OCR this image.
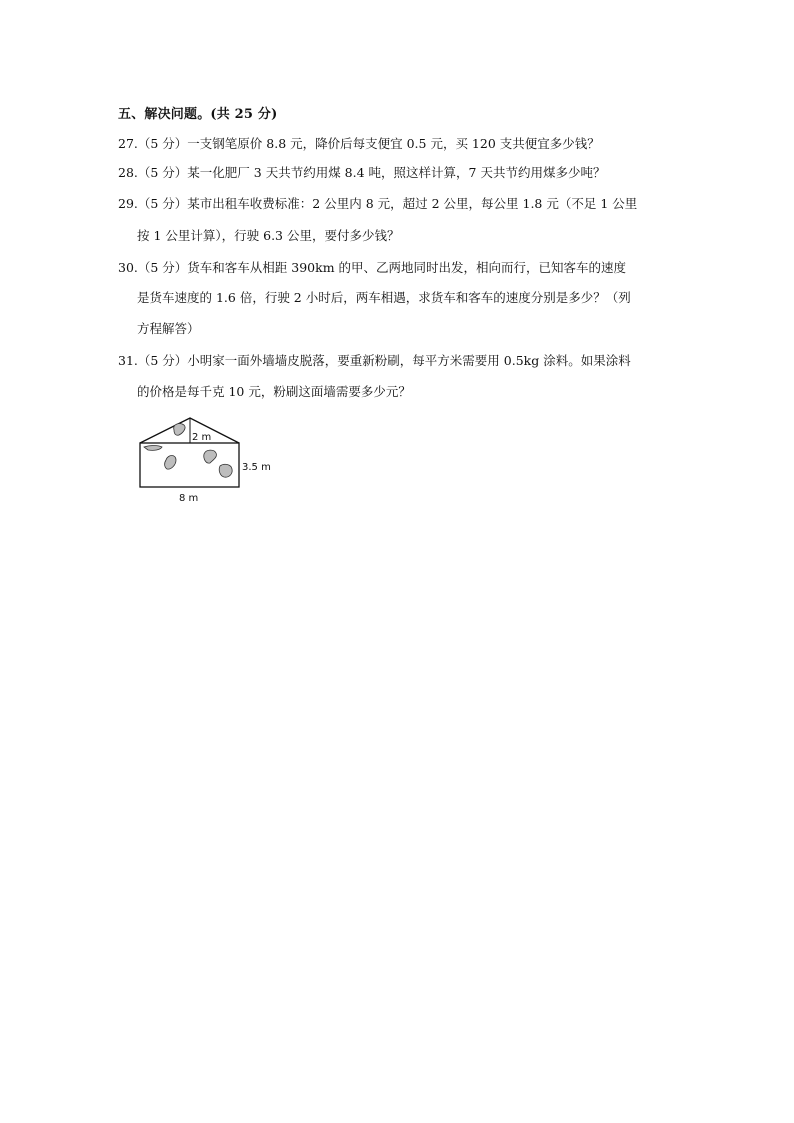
五、解决问题。(共 25 分)
27.（5 分）一支钢笔原价 8.8 元，降价后每支便宜 0.5 元，买 120 支共便宜多少钱？
28.（5 分）某一化肥厂 3 天共节约用煤 8.4 吨，照这样计算，7 天共节约用煤多少吨？
29.（5 分）某市出租车收费标准：2 公里内 8 元，超过 2 公里，每公里 1.8 元（不足 1 公里
按 1 公里计算），行驶 6.3 公里，要付多少钱？
30.（5 分）货车和客车从相距 390km 的甲、乙两地同时出发，相向而行，已知客车的速度
是货车速度的 1.6 倍，行驶 2 小时后，两车相遇，求货车和客车的速度分别是多少？（列
方程解答）
31.（5 分）小明家一面外墙墙皮脱落，要重新粉刷，每平方米需要用 0.5kg 涂料。如果涂料
的价格是每千克 10 元，粉刷这面墙需要多少元？
2 m
3.5 m
8 m
